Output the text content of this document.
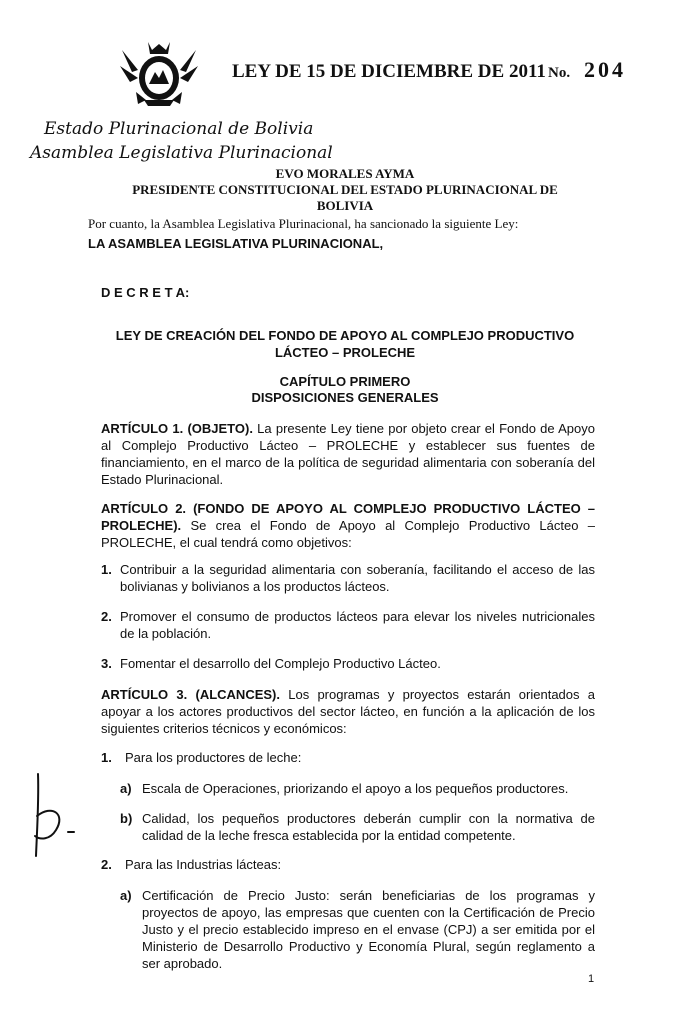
LEY DE 15 DE DICIEMBRE DE 2011 No. 204
Estado Plurinacional de Bolivia
Asamblea Legislativa Plurinacional
EVO MORALES AYMA
PRESIDENTE CONSTITUCIONAL DEL ESTADO PLURINACIONAL DE
BOLIVIA
Por cuanto, la Asamblea Legislativa Plurinacional, ha sancionado la siguiente Ley:
LA ASAMBLEA LEGISLATIVA PLURINACIONAL,
D E C R E T A:
LEY DE CREACIÓN DEL FONDO DE APOYO AL COMPLEJO PRODUCTIVO
LÁCTEO – PROLECHE
CAPÍTULO PRIMERO
DISPOSICIONES GENERALES
ARTÍCULO 1. (OBJETO). La presente Ley tiene por objeto crear el Fondo de Apoyo al Complejo Productivo Lácteo – PROLECHE y establecer sus fuentes de financiamiento, en el marco de la política de seguridad alimentaria con soberanía del Estado Plurinacional.
ARTÍCULO 2. (FONDO DE APOYO AL COMPLEJO PRODUCTIVO LÁCTEO – PROLECHE). Se crea el Fondo de Apoyo al Complejo Productivo Lácteo – PROLECHE, el cual tendrá como objetivos:
1. Contribuir a la seguridad alimentaria con soberanía, facilitando el acceso de las bolivianas y bolivianos a los productos lácteos.
2. Promover el consumo de productos lácteos para elevar los niveles nutricionales de la población.
3. Fomentar el desarrollo del Complejo Productivo Lácteo.
ARTÍCULO 3. (ALCANCES). Los programas y proyectos estarán orientados a apoyar a los actores productivos del sector lácteo, en función a la aplicación de los siguientes criterios técnicos y económicos:
1. Para los productores de leche:
a) Escala de Operaciones, priorizando el apoyo a los pequeños productores.
b) Calidad, los pequeños productores deberán cumplir con la normativa de calidad de la leche fresca establecida por la entidad competente.
2. Para las Industrias lácteas:
a) Certificación de Precio Justo: serán beneficiarias de los programas y proyectos de apoyo, las empresas que cuenten con la Certificación de Precio Justo y el precio establecido impreso en el envase (CPJ) a ser emitida por el Ministerio de Desarrollo Productivo y Economía Plural, según reglamento a ser aprobado.
1
